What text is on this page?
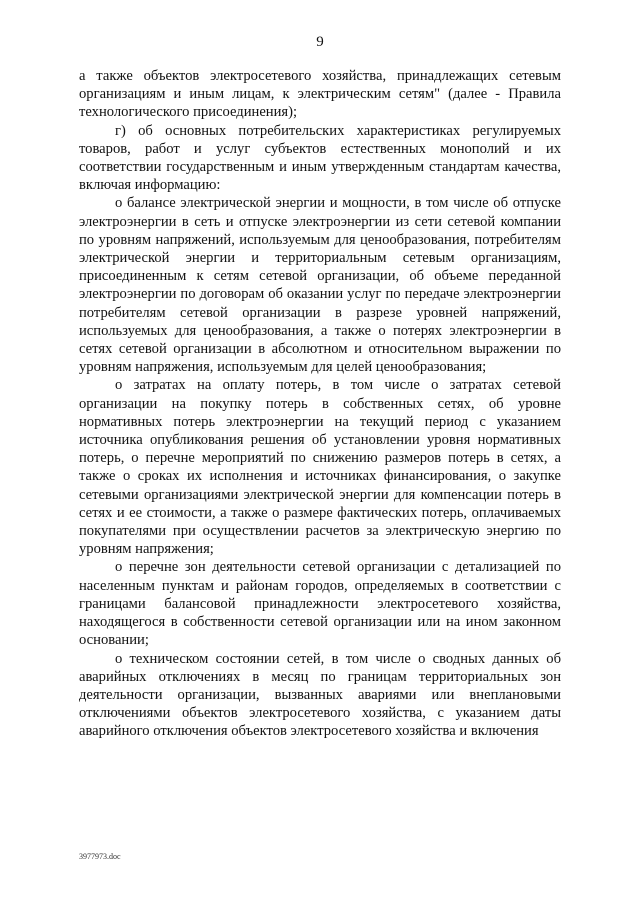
9

а также объектов электросетевого хозяйства, принадлежащих сетевым организациям и иным лицам, к электрическим сетям" (далее - Правила технологического присоединения);

г) об основных потребительских характеристиках регулируемых товаров, работ и услуг субъектов естественных монополий и их соответствии государственным и иным утвержденным стандартам качества, включая информацию:

о балансе электрической энергии и мощности, в том числе об отпуске электроэнергии в сеть и отпуске электроэнергии из сети сетевой компании по уровням напряжений, используемым для ценообразования, потребителям электрической энергии и территориальным сетевым организациям, присоединенным к сетям сетевой организации, об объеме переданной электроэнергии по договорам об оказании услуг по передаче электроэнергии потребителям сетевой организации в разрезе уровней напряжений, используемых для ценообразования, а также о потерях электроэнергии в сетях сетевой организации в абсолютном и относительном выражении по уровням напряжения, используемым для целей ценообразования;

о затратах на оплату потерь, в том числе о затратах сетевой организации на покупку потерь в собственных сетях, об уровне нормативных потерь электроэнергии на текущий период с указанием источника опубликования решения об установлении уровня нормативных потерь, о перечне мероприятий по снижению размеров потерь в сетях, а также о сроках их исполнения и источниках финансирования, о закупке сетевыми организациями электрической энергии для компенсации потерь в сетях и ее стоимости, а также о размере фактических потерь, оплачиваемых покупателями при осуществлении расчетов за электрическую энергию по уровням напряжения;

о перечне зон деятельности сетевой организации с детализацией по населенным пунктам и районам городов, определяемых в соответствии с границами балансовой принадлежности электросетевого хозяйства, находящегося в собственности сетевой организации или на ином законном основании;

о техническом состоянии сетей, в том числе о сводных данных об аварийных отключениях в месяц по границам территориальных зон деятельности организации, вызванных авариями или внеплановыми отключениями объектов электросетевого хозяйства, с указанием даты аварийного отключения объектов электросетевого хозяйства и включения

3977973.doc
